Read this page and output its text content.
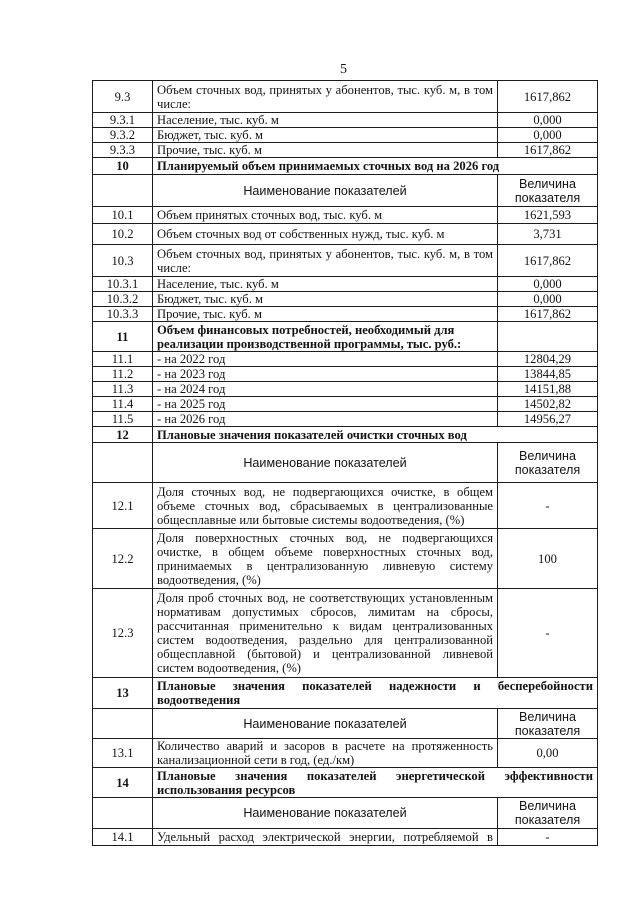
5
9.3	Объем сточных вод, принятых у абонентов, тыс. куб. м, в том числе:	1617,862
9.3.1	Население, тыс. куб. м	0,000
9.3.2	Бюджет, тыс. куб. м	0,000
9.3.3	Прочие, тыс. куб. м	1617,862
10	Планируемый объем принимаемых сточных вод на 2026 год	
	Наименование показателей	Величина показателя
10.1	Объем принятых сточных вод, тыс. куб. м	1621,593
10.2	Объем сточных вод от собственных нужд, тыс. куб. м	3,731
10.3	Объем сточных вод, принятых у абонентов, тыс. куб. м, в том числе:	1617,862
10.3.1	Население, тыс. куб. м	0,000
10.3.2	Бюджет, тыс. куб. м	0,000
10.3.3	Прочие, тыс. куб. м	1617,862
11	Объем финансовых потребностей, необходимый для реализации производственной программы, тыс. руб.:	
11.1	- на 2022 год	12804,29
11.2	- на 2023 год	13844,85
11.3	- на 2024 год	14151,88
11.4	- на 2025 год	14502,82
11.5	- на 2026 год	14956,27
12	Плановые значения показателей очистки сточных вод	
	Наименование показателей	Величина показателя
12.1	Доля сточных вод, не подвергающихся очистке, в общем объеме сточных вод, сбрасываемых в централизованные общесплавные или бытовые системы водоотведения, (%)	-
12.2	Доля поверхностных сточных вод, не подвергающихся очистке, в общем объеме поверхностных сточных вод, принимаемых в централизованную ливневую систему водоотведения, (%)	100
12.3	Доля проб сточных вод, не соответствующих установленным нормативам допустимых сбросов, лимитам на сбросы, рассчитанная применительно к видам централизованных систем водоотведения, раздельно для централизованной общесплавной (бытовой) и централизованной ливневой систем водоотведения, (%)	-
13	Плановые значения показателей надежности и бесперебойности водоотведения	
	Наименование показателей	Величина показателя
13.1	Количество аварий и засоров в расчете на протяженность канализационной сети в год, (ед./км)	0,00
14	Плановые значения показателей энергетической эффективности использования ресурсов	
	Наименование показателей	Величина показателя
14.1	Удельный расход электрической энергии, потребляемой в	-
